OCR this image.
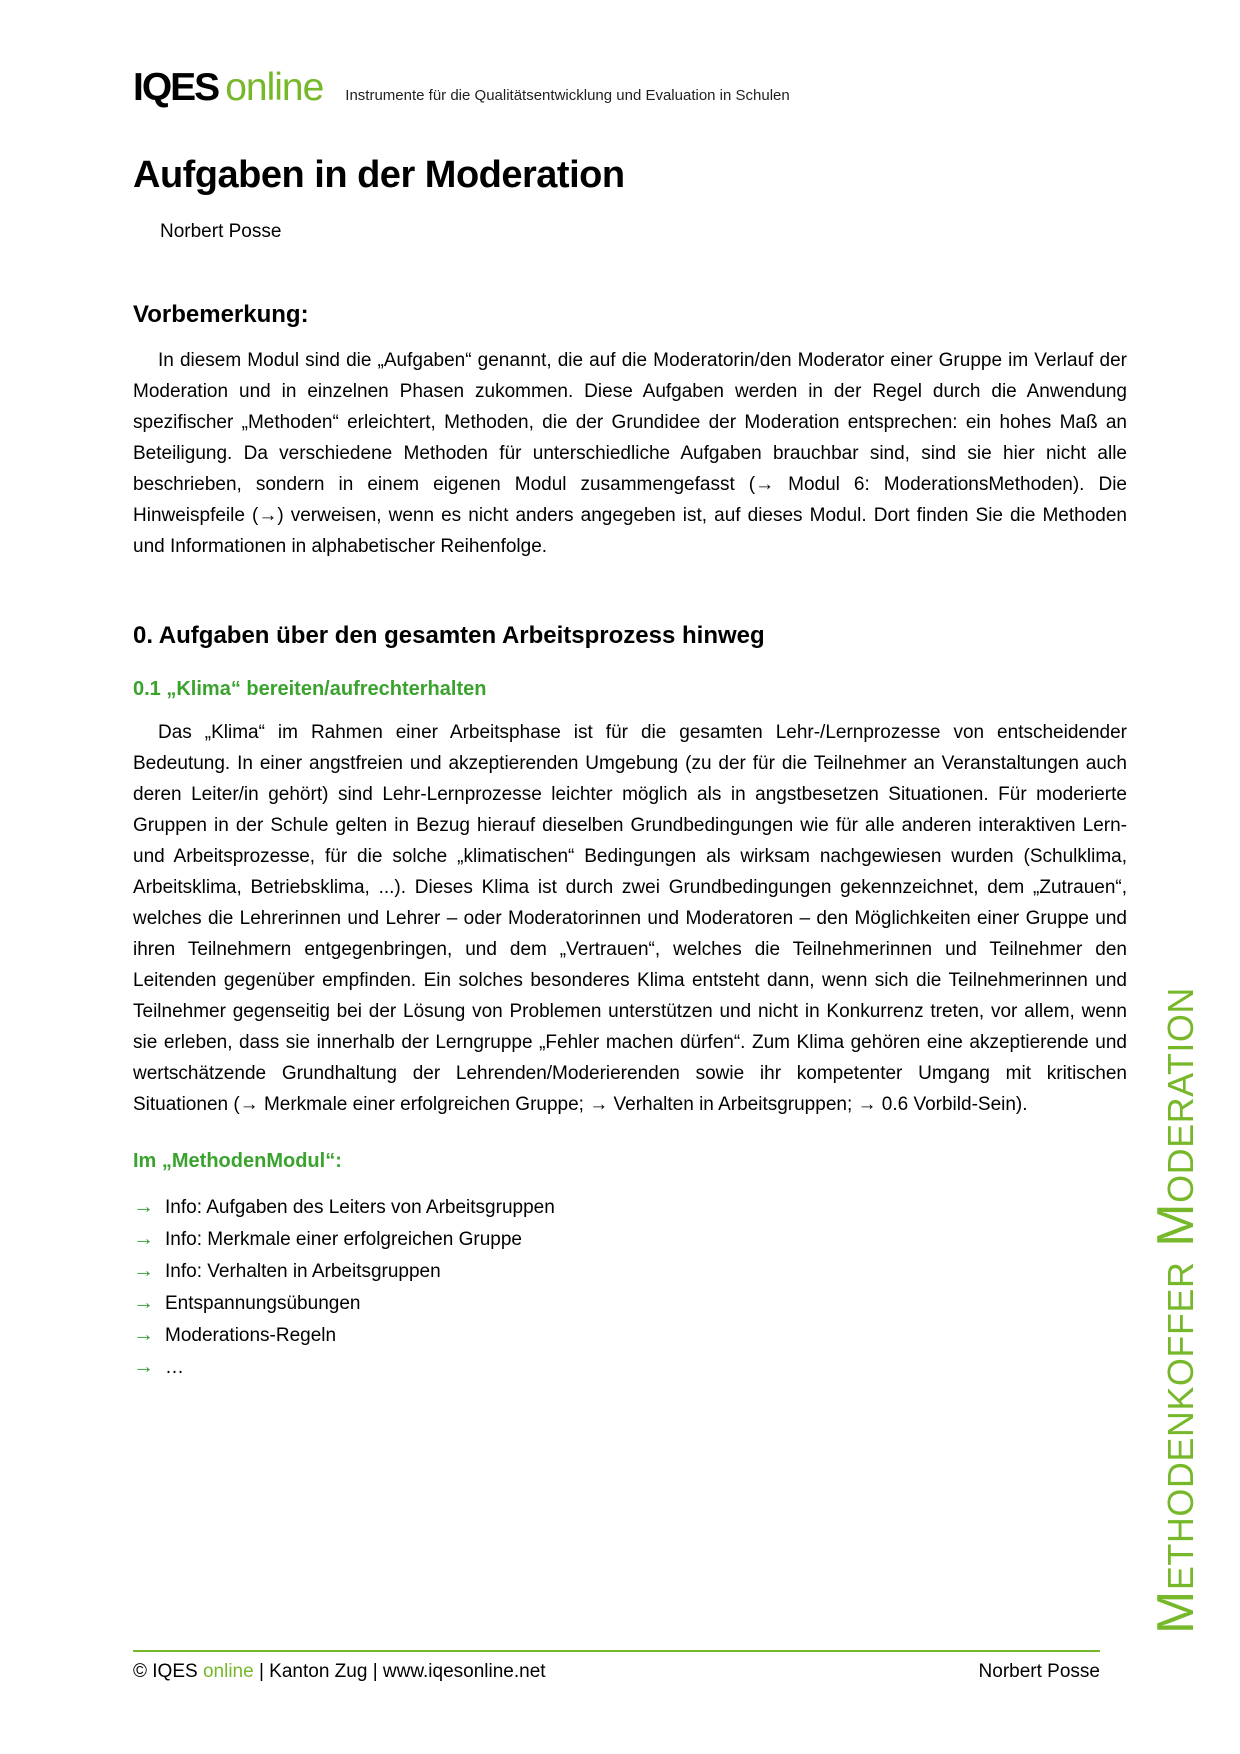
IQES online Instrumente für die Qualitätsentwicklung und Evaluation in Schulen
Aufgaben in der Moderation
Norbert Posse
Vorbemerkung:

In diesem Modul sind die „Aufgaben“ genannt, die auf die Moderatorin/den Moderator einer Gruppe im Verlauf der Moderation und in einzelnen Phasen zukommen. Diese Aufgaben werden in der Regel durch die Anwendung spezifischer „Methoden“ erleichtert, Methoden, die der Grundidee der Moderation entsprechen: ein hohes Maß an Beteiligung. Da verschiedene Methoden für unterschiedliche Aufgaben brauchbar sind, sind sie hier nicht alle beschrieben, sondern in einem eigenen Modul zusammengefasst (→ Modul 6: ModerationsMethoden). Die Hinweispfeile (→) verweisen, wenn es nicht anders angegeben ist, auf dieses Modul. Dort finden Sie die Methoden und Informationen in alphabetischer Reihenfolge.

0. Aufgaben über den gesamten Arbeitsprozess hinweg
0.1 „Klima“ bereiten/aufrechterhalten

Das „Klima“ im Rahmen einer Arbeitsphase ist für die gesamten Lehr-/Lernprozesse von entscheidender Bedeutung. In einer angstfreien und akzeptierenden Umgebung (zu der für die Teilnehmer an Veranstaltungen auch deren Leiter/in gehört) sind Lehr-Lernprozesse leichter möglich als in angstbesetzen Situationen. Für moderierte Gruppen in der Schule gelten in Bezug hierauf dieselben Grundbedingungen wie für alle anderen interaktiven Lern- und Arbeitsprozesse, für die solche „klimatischen“ Bedingungen als wirksam nachgewiesen wurden (Schulklima, Arbeitsklima, Betriebsklima, ...). Dieses Klima ist durch zwei Grundbedingungen gekennzeichnet, dem „Zutrauen“, welches die Lehrerinnen und Lehrer – oder Moderatorinnen und Moderatoren – den Möglichkeiten einer Gruppe und ihren Teilnehmern entgegenbringen, und dem „Vertrauen“, welches die Teilnehmerinnen und Teilnehmer den Leitenden gegenüber empfinden. Ein solches besonderes Klima entsteht dann, wenn sich die Teilnehmerinnen und Teilnehmer gegenseitig bei der Lösung von Problemen unterstützen und nicht in Konkurrenz treten, vor allem, wenn sie erleben, dass sie innerhalb der Lerngruppe „Fehler machen dürfen“. Zum Klima gehören eine akzeptierende und wertschätzende Grundhaltung der Lehrenden/Moderierenden sowie ihr kompetenter Umgang mit kritischen Situationen (→ Merkmale einer erfolgreichen Gruppe; → Verhalten in Arbeitsgruppen; → 0.6 Vorbild-Sein).

Im „MethodenModul“:
→ Info: Aufgaben des Leiters von Arbeitsgruppen
→ Info: Merkmale einer erfolgreichen Gruppe
→ Info: Verhalten in Arbeitsgruppen
→ Entspannungsübungen
→ Moderations-Regeln
→ …	Methodenkoffer Moderation
© IQES online | Kanton Zug | www.iqesonline.net	Norbert Posse
